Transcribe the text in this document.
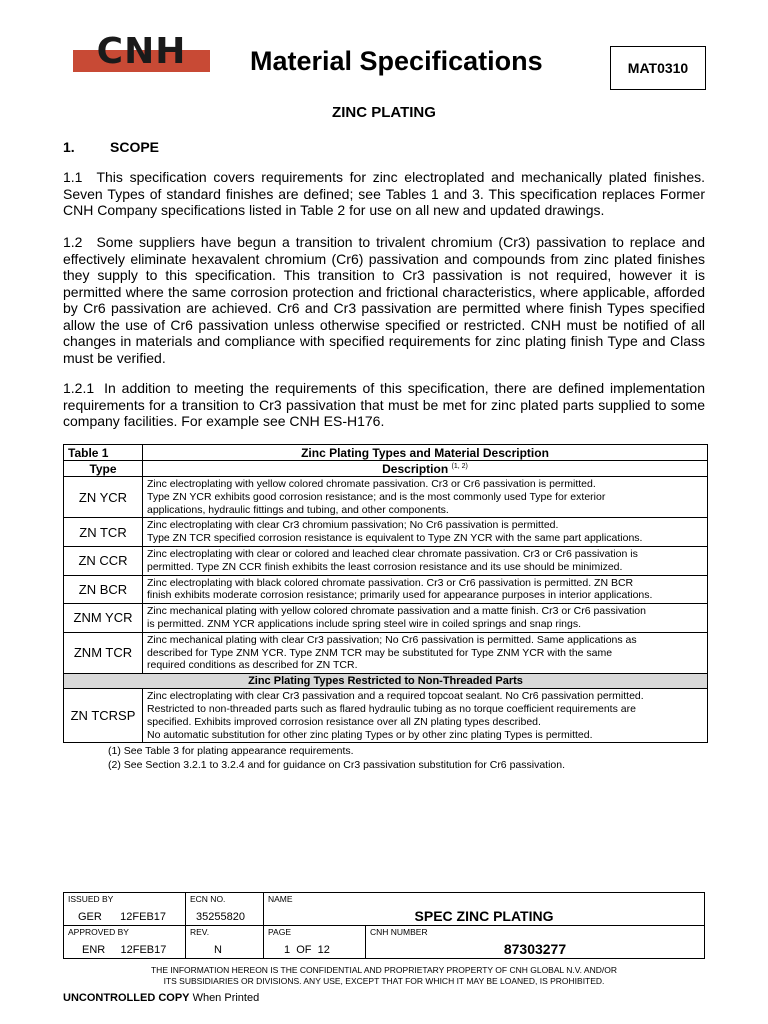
CNH	Material Specifications	MAT0310
ZINC PLATING
1.	SCOPE
1.1 This specification covers requirements for zinc electroplated and mechanically plated finishes. Seven Types of standard finishes are defined; see Tables 1 and 3. This specification replaces Former CNH Company specifications listed in Table 2 for use on all new and updated drawings.
1.2 Some suppliers have begun a transition to trivalent chromium (Cr3) passivation to replace and effectively eliminate hexavalent chromium (Cr6) passivation and compounds from zinc plated finishes they supply to this specification. This transition to Cr3 passivation is not required, however it is permitted where the same corrosion protection and frictional characteristics, where applicable, afforded by Cr6 passivation are achieved. Cr6 and Cr3 passivation are permitted where finish Types specified allow the use of Cr6 passivation unless otherwise specified or restricted. CNH must be notified of all changes in materials and compliance with specified requirements for zinc plating finish Type and Class must be verified.
1.2.1 In addition to meeting the requirements of this specification, there are defined implementation requirements for a transition to Cr3 passivation that must be met for zinc plated parts supplied to some company facilities. For example see CNH ES-H176.
Table 1	Zinc Plating Types and Material Description
Type	Description $^{(1, 2)}$
ZN YCR	Zinc electroplating with yellow colored chromate passivation. Cr3 or Cr6 passivation is permitted.
Type ZN YCR exhibits good corrosion resistance; and is the most commonly used Type for exterior
applications, hydraulic fittings and tubing, and other components.

ZN TCR	Zinc electroplating with clear Cr3 chromium passivation; No Cr6 passivation is permitted.
Type ZN TCR specified corrosion resistance is equivalent to Type ZN YCR with the same part applications.

ZN CCR	Zinc electroplating with clear or colored and leached clear chromate passivation. Cr3 or Cr6 passivation is
permitted. Type ZN CCR finish exhibits the least corrosion resistance and its use should be minimized.

ZN BCR	Zinc electroplating with black colored chromate passivation. Cr3 or Cr6 passivation is permitted. ZN BCR
finish exhibits moderate corrosion resistance; primarily used for appearance purposes in interior applications.

ZNM YCR	Zinc mechanical plating with yellow colored chromate passivation and a matte finish. Cr3 or Cr6 passivation
is permitted. ZNM YCR applications include spring steel wire in coiled springs and snap rings.

ZNM TCR	Zinc mechanical plating with clear Cr3 passivation; No Cr6 passivation is permitted. Same applications as
described for Type ZNM YCR. Type ZNM TCR may be substituted for Type ZNM YCR with the same
required conditions as described for ZN TCR.

Zinc Plating Types Restricted to Non-Threaded Parts	
ZN TCRSP	Zinc electroplating with clear Cr3 passivation and a required topcoat sealant. No Cr6 passivation permitted.
Restricted to non-threaded parts such as flared hydraulic tubing as no torque coefficient requirements are
specified. Exhibits improved corrosion resistance over all ZN plating types described.
No automatic substitution for other zinc plating Types or by other zinc plating Types is permitted.
(1) See Table 3 for plating appearance requirements.
(2) See Section 3.2.1 to 3.2.4 and for guidance on Cr3 passivation substitution for Cr6 passivation.
ISSUED BY
GER      12FEB17	ECN NO.
35255820	NAME
SPEC ZINC PLATING	

APPROVED BY
ENR     12FEB17	REV.
N	PAGE
1  OF  12	CNH NUMBER
87303277
THE INFORMATION HEREON IS THE CONFIDENTIAL AND PROPRIETARY PROPERTY OF CNH GLOBAL N.V. AND/OR
ITS SUBSIDIARIES OR DIVISIONS. ANY USE, EXCEPT THAT FOR WHICH IT MAY BE LOANED, IS PROHIBITED.
UNCONTROLLED COPY When Printed
